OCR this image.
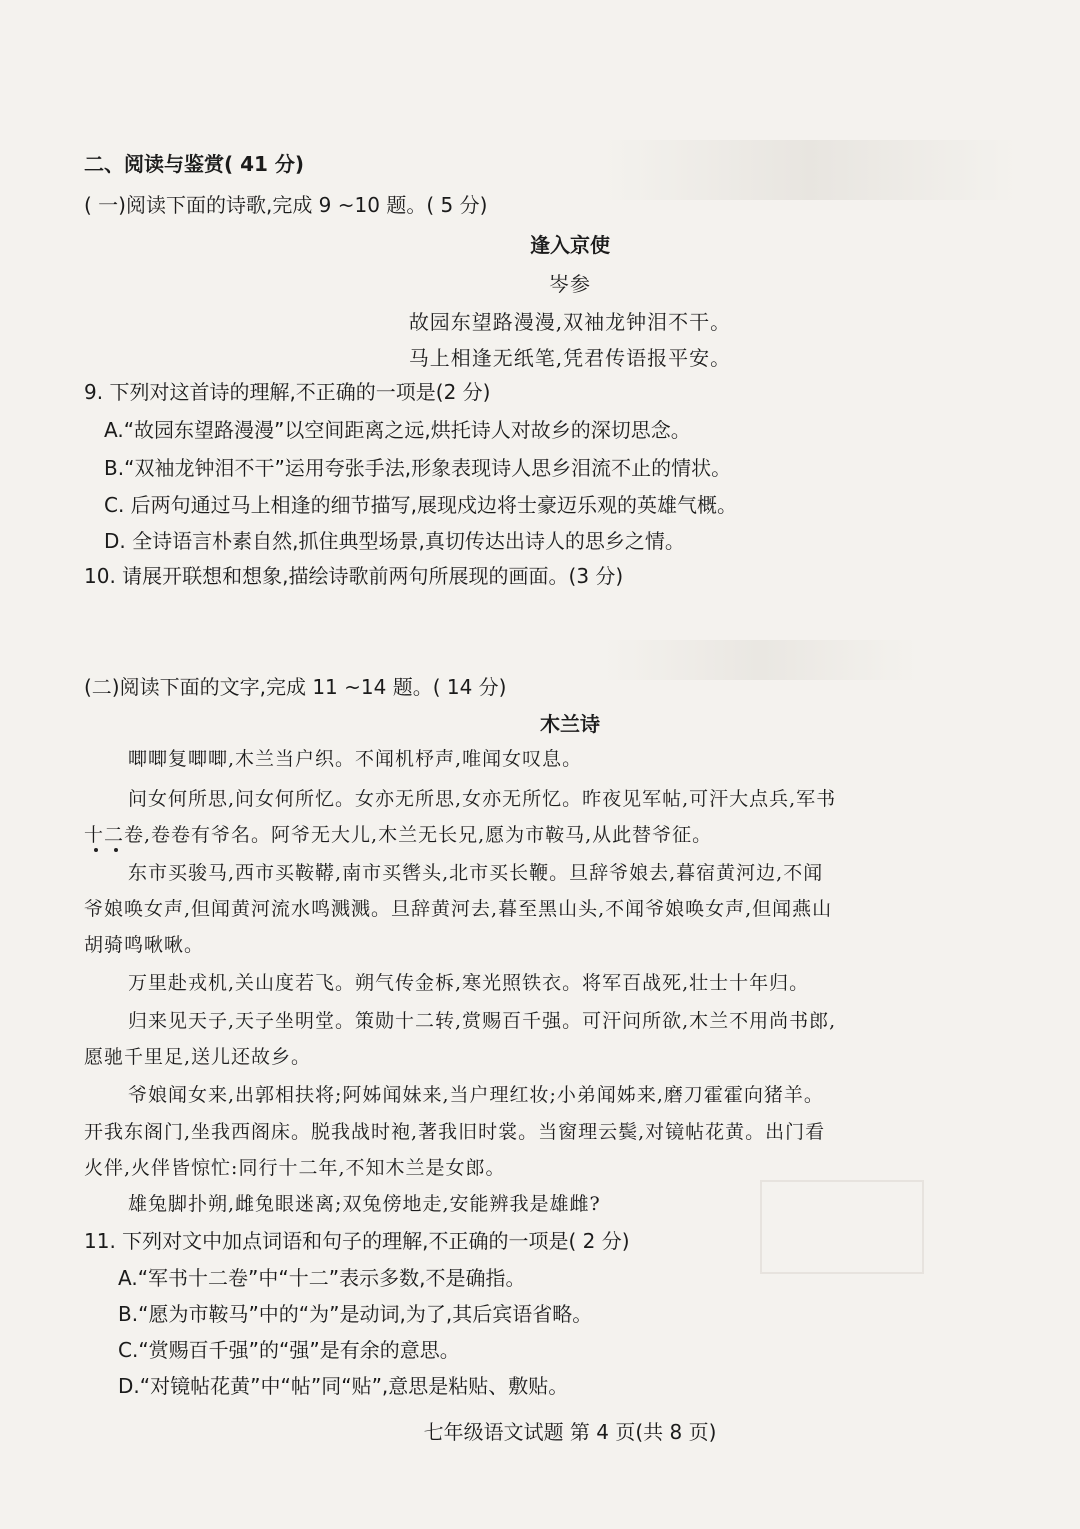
二、阅读与鉴赏( 41 分)
( 一)阅读下面的诗歌,完成 9 ~10 题。( 5 分)
逢入京使
岑参
故园东望路漫漫,双袖龙钟泪不干。
马上相逢无纸笔,凭君传语报平安。
9. 下列对这首诗的理解,不正确的一项是(2 分)
A.“故园东望路漫漫”以空间距离之远,烘托诗人对故乡的深切思念。
B.“双袖龙钟泪不干”运用夸张手法,形象表现诗人思乡泪流不止的情状。
C. 后两句通过马上相逢的细节描写,展现戍边将士豪迈乐观的英雄气概。
D. 全诗语言朴素自然,抓住典型场景,真切传达出诗人的思乡之情。
10. 请展开联想和想象,描绘诗歌前两句所展现的画面。(3 分)
(二)阅读下面的文字,完成 11 ~14 题。( 14 分)
木兰诗
唧唧复唧唧,木兰当户织。不闻机杼声,唯闻女叹息。
问女何所思,问女何所忆。女亦无所思,女亦无所忆。昨夜见军帖,可汗大点兵,军书
十二卷,卷卷有爷名。阿爷无大儿,木兰无长兄,愿为市鞍马,从此替爷征。
东市买骏马,西市买鞍鞯,南市买辔头,北市买长鞭。旦辞爷娘去,暮宿黄河边,不闻
爷娘唤女声,但闻黄河流水鸣溅溅。旦辞黄河去,暮至黑山头,不闻爷娘唤女声,但闻燕山
胡骑鸣啾啾。
万里赴戎机,关山度若飞。朔气传金柝,寒光照铁衣。将军百战死,壮士十年归。
归来见天子,天子坐明堂。策勋十二转,赏赐百千强。可汗问所欲,木兰不用尚书郎,
愿驰千里足,送儿还故乡。
爷娘闻女来,出郭相扶将;阿姊闻妹来,当户理红妆;小弟闻姊来,磨刀霍霍向猪羊。
开我东阁门,坐我西阁床。脱我战时袍,著我旧时裳。当窗理云鬓,对镜帖花黄。出门看
火伴,火伴皆惊忙:同行十二年,不知木兰是女郎。
雄兔脚扑朔,雌兔眼迷离;双兔傍地走,安能辨我是雄雌?
11. 下列对文中加点词语和句子的理解,不正确的一项是( 2 分)
A.“军书十二卷”中“十二”表示多数,不是确指。
B.“愿为市鞍马”中的“为”是动词,为了,其后宾语省略。
C.“赏赐百千强”的“强”是有余的意思。
D.“对镜帖花黄”中“帖”同“贴”,意思是粘贴、敷贴。
七年级语文试题 第 4 页(共 8 页)
